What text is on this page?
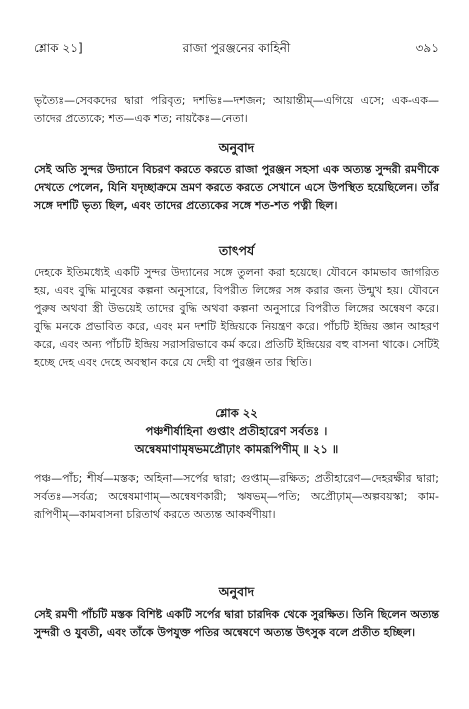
শ্লোক ২১]	রাজা পুরঞ্জনের কাহিনী	৩৯১

ভৃত্যৈঃ—সেবকদের দ্বারা পরিবৃত; দশভিঃ—দশজন; আয়ান্তীম্—এগিয়ে এসে; এক-এক—তাদের প্রত্যেকে; শত—এক শত; নায়কৈঃ—নেতা।

অনুবাদ

সেই অতি সুন্দর উদ্যানে বিচরণ করতে করতে রাজা পুরঞ্জন সহসা এক অত্যন্ত সুন্দরী রমণীকে দেখতে পেলেন, যিনি যদৃচ্ছাক্রমে ভ্রমণ করতে করতে সেখানে এসে উপস্থিত হয়েছিলেন। তাঁর সঙ্গে দশটি ভৃত্য ছিল, এবং তাদের প্রত্যেকের সঙ্গে শত-শত পত্নী ছিল।

তাৎপর্য

দেহকে ইতিমধ্যেই একটি সুন্দর উদ্যানের সঙ্গে তুলনা করা হয়েছে। যৌবনে কামভাব জাগরিত হয়, এবং বুদ্ধি মানুষের কল্পনা অনুসারে, বিপরীত লিঙ্গের সঙ্গ করার জন্য উন্মুখ হয়। যৌবনে পুরুষ অথবা স্ত্রী উভয়েই তাদের বুদ্ধি অথবা কল্পনা অনুসারে বিপরীত লিঙ্গের অন্বেষণ করে। বুদ্ধি মনকে প্রভাবিত করে, এবং মন দশটি ইন্দ্রিয়কে নিয়ন্ত্রণ করে। পাঁচটি ইন্দ্রিয় জ্ঞান আহরণ করে, এবং অন্য পাঁচটি ইন্দ্রিয় সরাসরিভাবে কর্ম করে। প্রতিটি ইন্দ্রিয়ের বহু বাসনা থাকে। সেটিই হচ্ছে দেহ এবং দেহে অবস্থান করে যে দেহী বা পুরঞ্জন তার স্থিতি।

শ্লোক ২২

পঞ্চশীর্ষাহিনা গুপ্তাং প্রতীহারেণ সর্বতঃ ।

অন্বেষমাণামৃষভমপ্রৌঢ়াং কামরূপিণীম্ ॥ ২১ ॥

পঞ্চ—পাঁচ; শীর্ষ—মস্তক; অহিনা—সর্পের দ্বারা; গুপ্তাম্—রক্ষিত; প্রতীহারেণ—দেহরক্ষীর দ্বারা; সর্বতঃ—সর্বত্র; অন্বেষমাণাম্—অন্বেষণকারী; ঋষভম্—পতি; অপ্রৌঢ়াম্—অল্পবয়স্কা; কাম-রূপিণীম্—কামবাসনা চরিতার্থ করতে অত্যন্ত আকর্ষণীয়া।

অনুবাদ

সেই রমণী পাঁচটি মস্তক বিশিষ্ট একটি সর্পের দ্বারা চারদিক থেকে সুরক্ষিত। তিনি ছিলেন অত্যন্ত সুন্দরী ও যুবতী, এবং তাঁকে উপযুক্ত পতির অন্বেষণে অত্যন্ত উৎসুক বলে প্রতীত হচ্ছিল।
